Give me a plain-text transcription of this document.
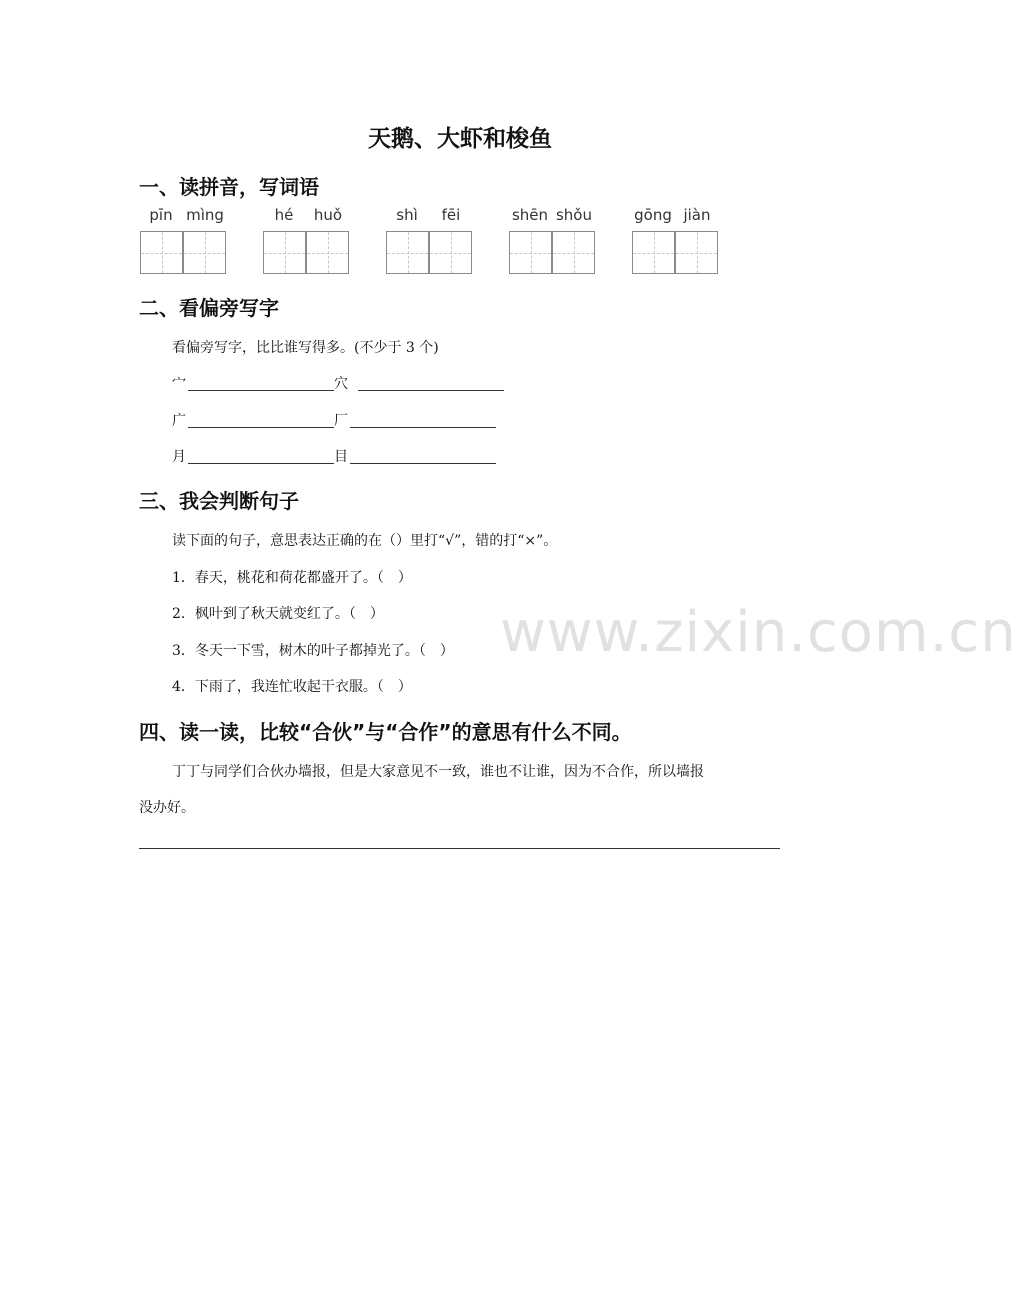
天鹅、大虾和梭鱼
一、读拼音，写词语
pīn mìng	hé	huǒ	shì	fēi	shēn shǒu	gōng jiàn
二、看偏旁写字
看偏旁写字，比比谁写得多。(不少于 3 个)
宀	穴
广	厂
月	目
三、我会判断句子
读下面的句子，意思表达正确的在（）里打“√”，错的打“×”。
1．春天，桃花和荷花都盛开了。（　）
2．枫叶到了秋天就变红了。（　）
3．冬天一下雪，树木的叶子都掉光了。（　）
4．下雨了，我连忙收起干衣服。（　）
四、读一读，比较“合伙”与“合作”的意思有什么不同。
丁丁与同学们合伙办墙报，但是大家意见不一致，谁也不让谁，因为不合作，所以墙报
没办好。
www.zixin.com.cn
